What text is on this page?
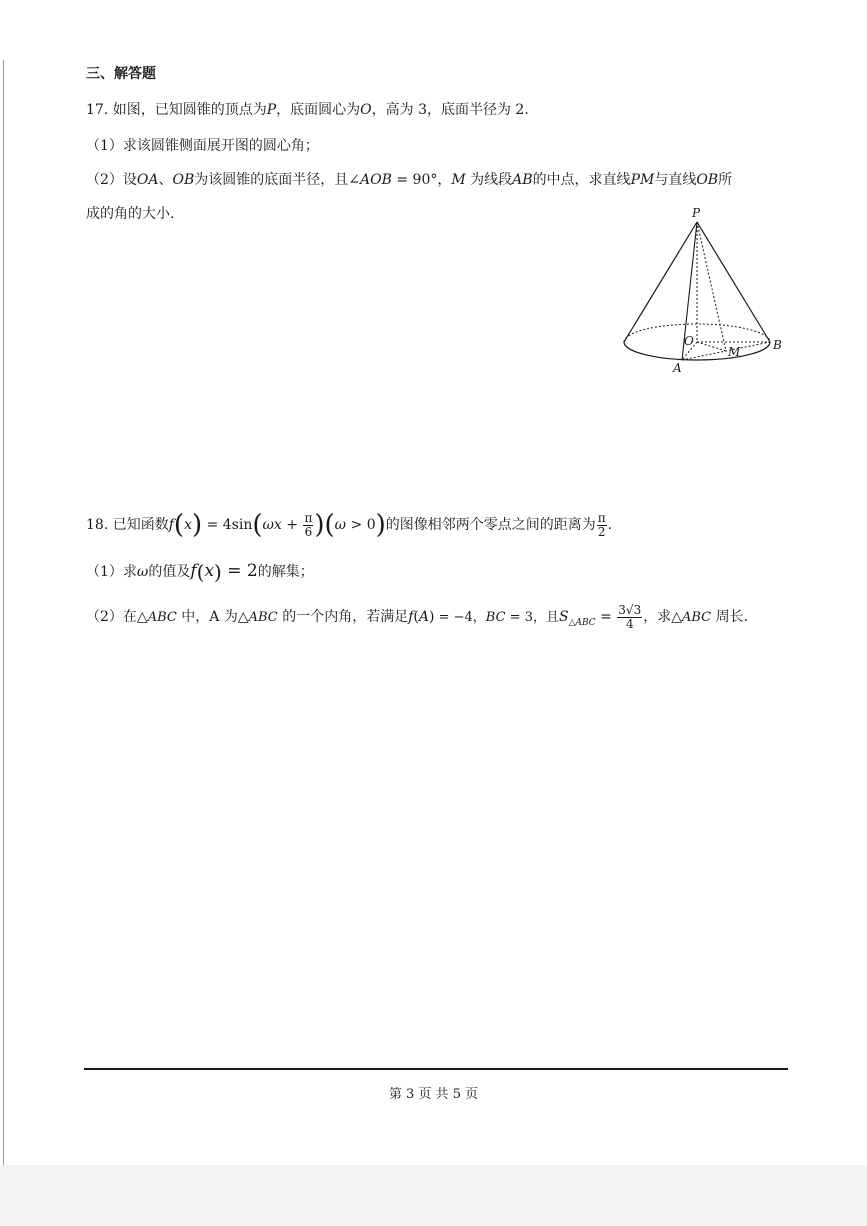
三、解答题
17. 如图，已知圆锥的顶点为P，底面圆心为O，高为 3，底面半径为 2.
（1）求该圆锥侧面展开图的圆心角；
（2）设OA、OB为该圆锥的底面半径，且∠AOB = 90°，M 为线段AB的中点，求直线PM与直线OB所
成的角的大小.	P
O
M
A
B
18. 已知函数$f(x) = 4\sin(\omega x + \frac{\pi}{6} )(\omega > 0)$的图像相邻两个零点之间的距离为 $\frac{\pi}{2}$ .
（1）求ω的值及f(x) = 2的解集；
（2）在△ABC 中，A 为△ABC 的一个内角，若满足f(A) = −4，BC = 3，且$S_{\triangle ABC} = \frac{3√3}{4}$ ，求△ABC 周长.
第 3 页 共 5 页
